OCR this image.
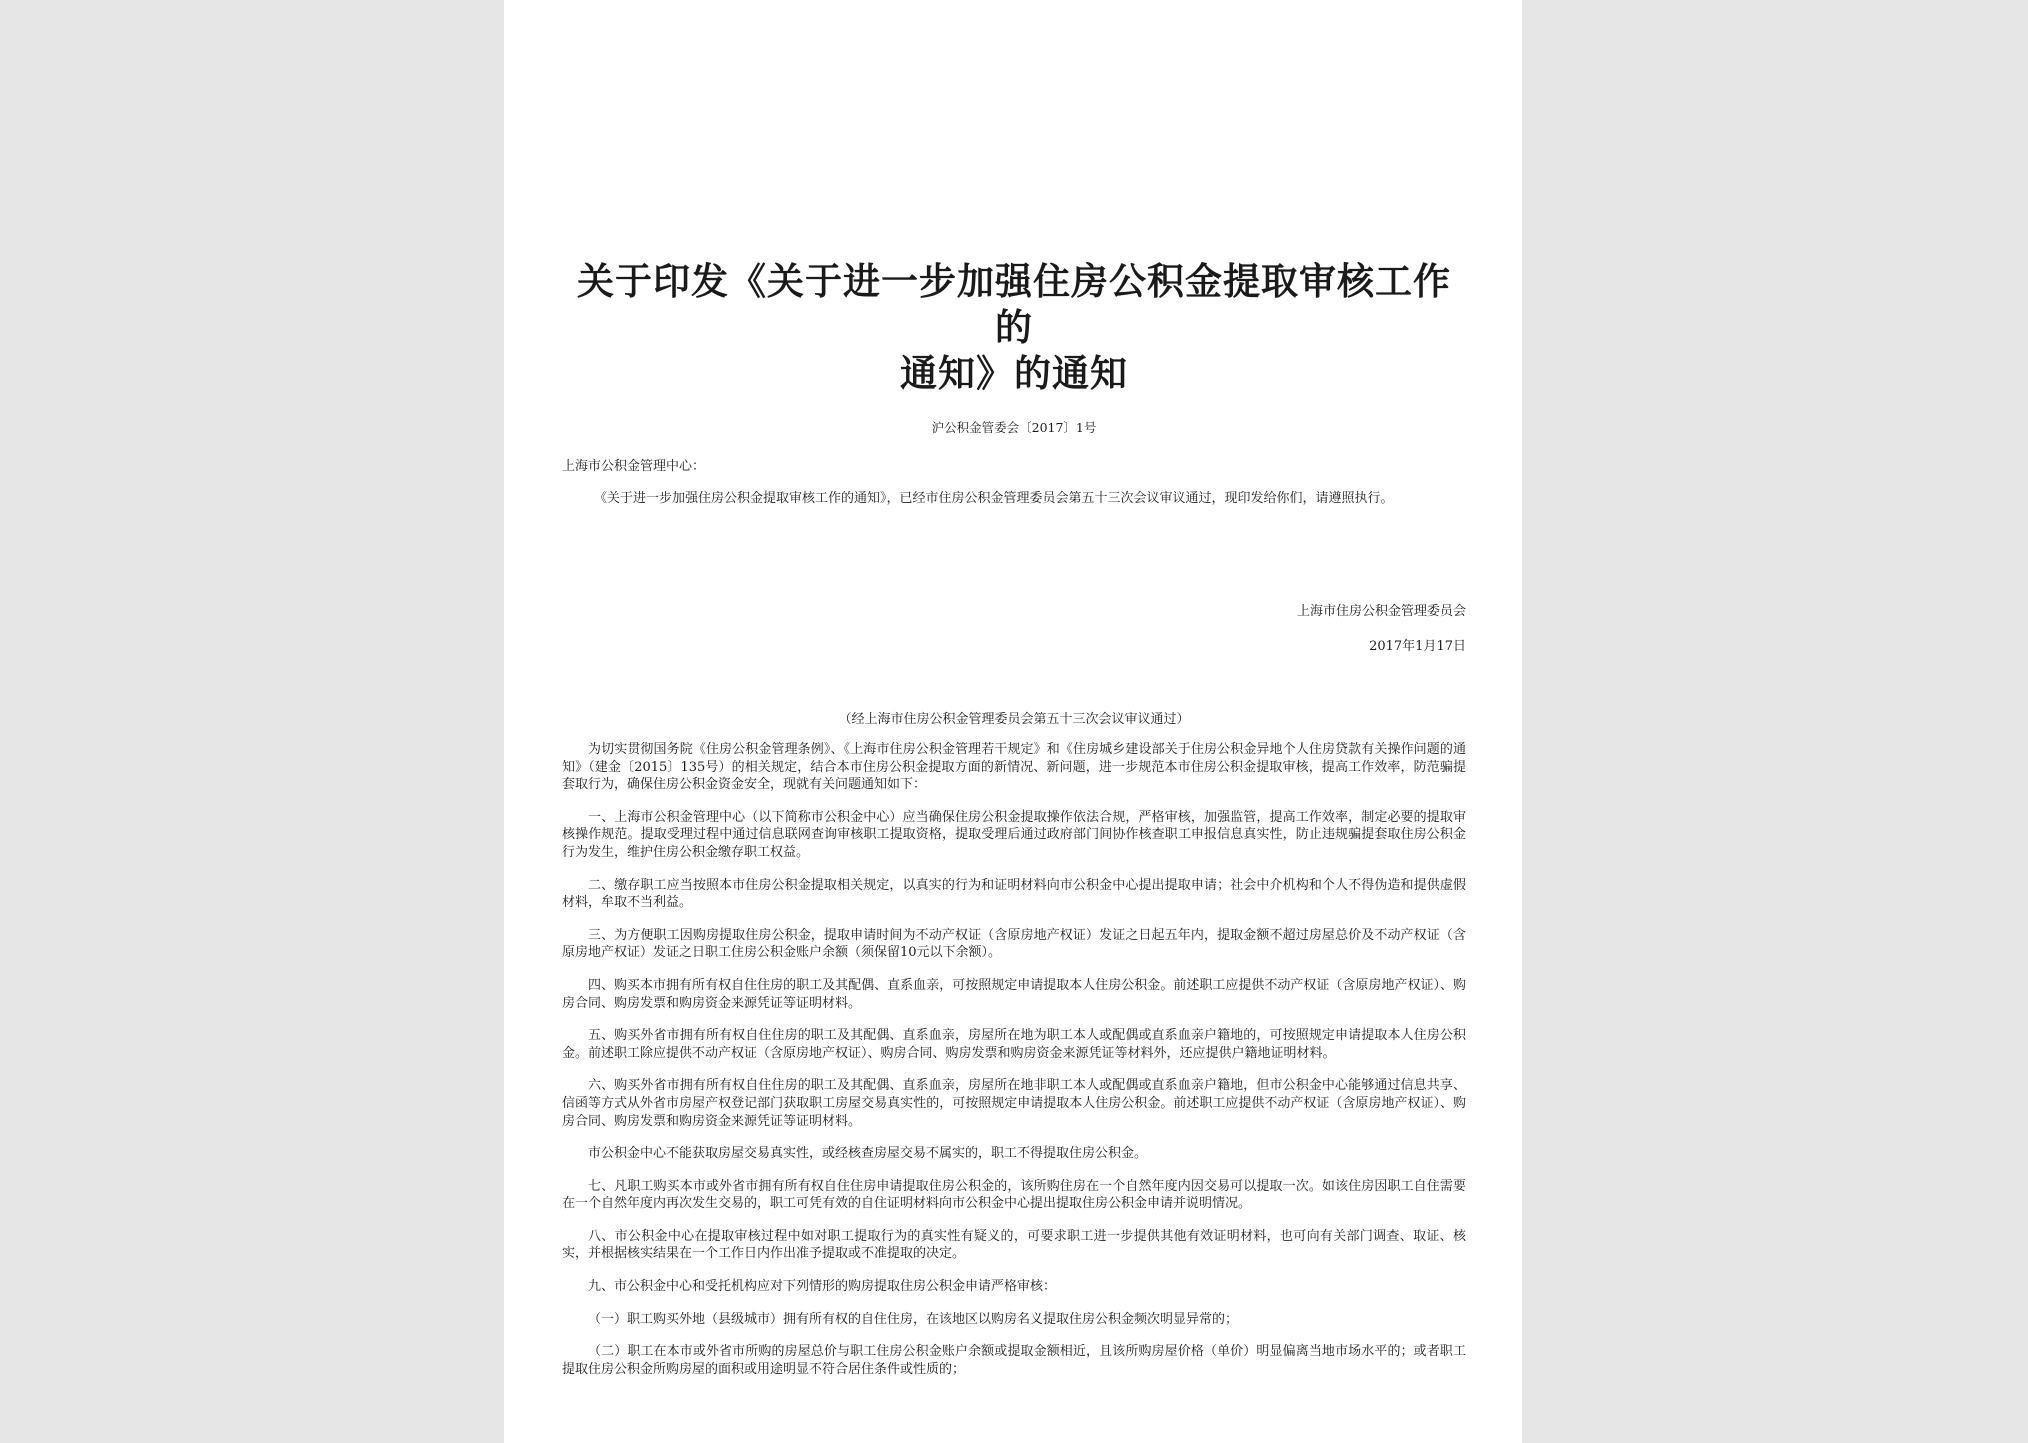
关于印发《关于进一步加强住房公积金提取审核工作的
通知》的通知
沪公积金管委会〔2017〕1号
上海市公积金管理中心：
《关于进一步加强住房公积金提取审核工作的通知》，已经市住房公积金管理委员会第五十三次会议审议通过，现印发给你们，请遵照执行。
上海市住房公积金管理委员会
2017年1月17日
（经上海市住房公积金管理委员会第五十三次会议审议通过）

为切实贯彻国务院《住房公积金管理条例》、《上海市住房公积金管理若干规定》和《住房城乡建设部关于住房公积金异地个人住房贷款有关操作问题的通知》（建金〔2015〕135号）的相关规定，结合本市住房公积金提取方面的新情况、新问题，进一步规范本市住房公积金提取审核，提高工作效率，防范骗提套取行为，确保住房公积金资金安全，现就有关问题通知如下：

一、上海市公积金管理中心（以下简称市公积金中心）应当确保住房公积金提取操作依法合规，严格审核，加强监管，提高工作效率，制定必要的提取审核操作规范。提取受理过程中通过信息联网查询审核职工提取资格，提取受理后通过政府部门间协作核查职工申报信息真实性，防止违规骗提套取住房公积金行为发生，维护住房公积金缴存职工权益。

二、缴存职工应当按照本市住房公积金提取相关规定，以真实的行为和证明材料向市公积金中心提出提取申请；社会中介机构和个人不得伪造和提供虚假材料，牟取不当利益。

三、为方便职工因购房提取住房公积金，提取申请时间为不动产权证（含原房地产权证）发证之日起五年内，提取金额不超过房屋总价及不动产权证（含原房地产权证）发证之日职工住房公积金账户余额（须保留10元以下余额）。

四、购买本市拥有所有权自住住房的职工及其配偶、直系血亲，可按照规定申请提取本人住房公积金。前述职工应提供不动产权证（含原房地产权证）、购房合同、购房发票和购房资金来源凭证等证明材料。

五、购买外省市拥有所有权自住住房的职工及其配偶、直系血亲，房屋所在地为职工本人或配偶或直系血亲户籍地的，可按照规定申请提取本人住房公积金。前述职工除应提供不动产权证（含原房地产权证）、购房合同、购房发票和购房资金来源凭证等材料外，还应提供户籍地证明材料。

六、购买外省市拥有所有权自住住房的职工及其配偶、直系血亲，房屋所在地非职工本人或配偶或直系血亲户籍地，但市公积金中心能够通过信息共享、信函等方式从外省市房屋产权登记部门获取职工房屋交易真实性的，可按照规定申请提取本人住房公积金。前述职工应提供不动产权证（含原房地产权证）、购房合同、购房发票和购房资金来源凭证等证明材料。

市公积金中心不能获取房屋交易真实性，或经核查房屋交易不属实的，职工不得提取住房公积金。

七、凡职工购买本市或外省市拥有所有权自住住房申请提取住房公积金的，该所购住房在一个自然年度内因交易可以提取一次。如该住房因职工自住需要在一个自然年度内再次发生交易的，职工可凭有效的自住证明材料向市公积金中心提出提取住房公积金申请并说明情况。

八、市公积金中心在提取审核过程中如对职工提取行为的真实性有疑义的，可要求职工进一步提供其他有效证明材料，也可向有关部门调查、取证、核实，并根据核实结果在一个工作日内作出准予提取或不准提取的决定。

九、市公积金中心和受托机构应对下列情形的购房提取住房公积金申请严格审核：

（一）职工购买外地（县级城市）拥有所有权的自住住房，在该地区以购房名义提取住房公积金频次明显异常的；

（二）职工在本市或外省市所购的房屋总价与职工住房公积金账户余额或提取金额相近，且该所购房屋价格（单价）明显偏离当地市场水平的；或者职工提取住房公积金所购房屋的面积或用途明显不符合居住条件或性质的；
